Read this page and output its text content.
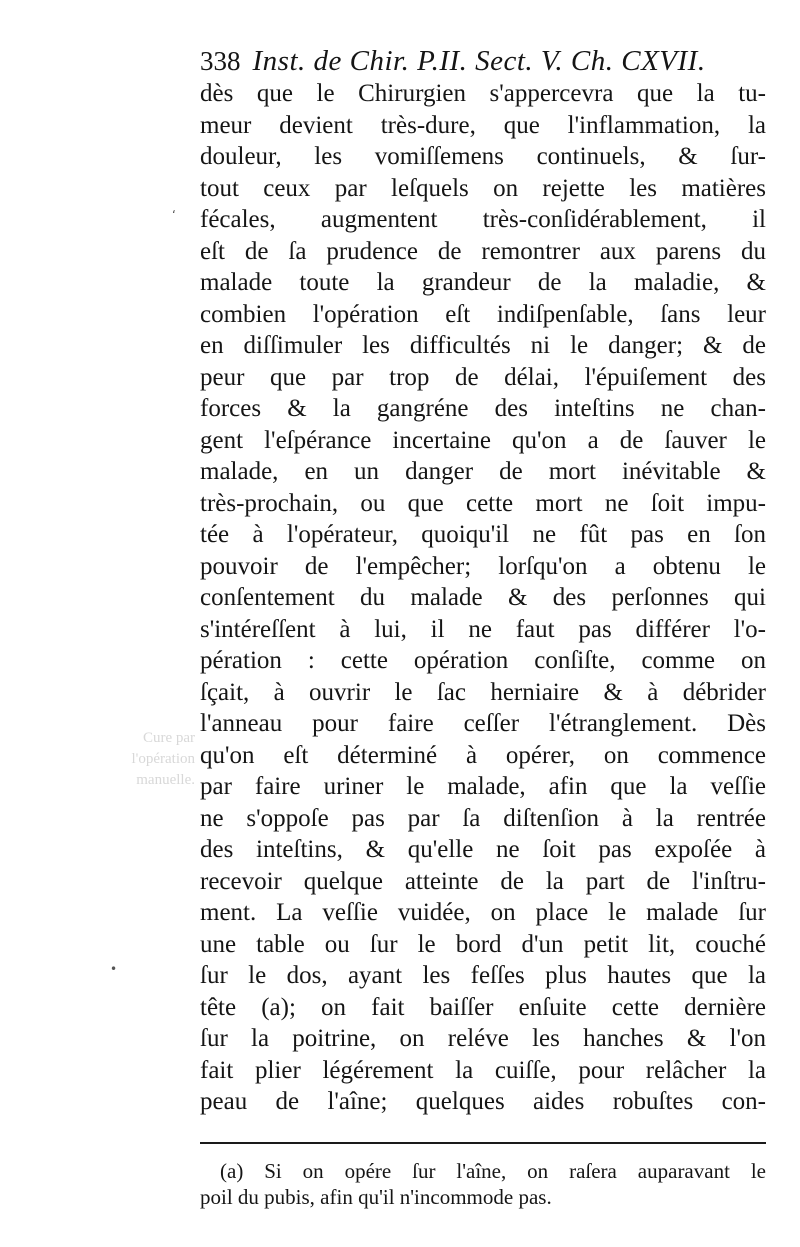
Cure par
l'opération
manuelle.
‘
•
338 Inst. de Chir. P.II. Sect. V. Ch. CXVII.
dès que le Chirurgien s'appercevra que la tu-
meur devient très-dure, que l'inflammation, la
douleur, les vomiſſemens continuels, & ſur-
tout ceux par leſquels on rejette les matières
fécales, augmentent très-conſidérablement, il
eſt de ſa prudence de remontrer aux parens du
malade toute la grandeur de la maladie, &
combien l'opération eſt indiſpenſable, ſans leur
en diſſimuler les difficultés ni le danger; & de
peur que par trop de délai, l'épuiſement des
forces & la gangréne des inteſtins ne chan-
gent l'eſpérance incertaine qu'on a de ſauver le
malade, en un danger de mort inévitable &
très-prochain, ou que cette mort ne ſoit impu-
tée à l'opérateur, quoiqu'il ne fût pas en ſon
pouvoir de l'empêcher; lorſqu'on a obtenu le
conſentement du malade & des perſonnes qui
s'intéreſſent à lui, il ne faut pas différer l'o-
pération : cette opération conſiſte, comme on
ſçait, à ouvrir le ſac herniaire & à débrider
l'anneau pour faire ceſſer l'étranglement. Dès
qu'on eſt déterminé à opérer, on commence
par faire uriner le malade, afin que la veſſie
ne s'oppoſe pas par ſa diſtenſion à la rentrée
des inteſtins, & qu'elle ne ſoit pas expoſée à
recevoir quelque atteinte de la part de l'inſtru-
ment. La veſſie vuidée, on place le malade ſur
une table ou ſur le bord d'un petit lit, couché
ſur le dos, ayant les feſſes plus hautes que la
tête (a); on fait baiſſer enſuite cette dernière
ſur la poitrine, on reléve les hanches & l'on
fait plier légérement la cuiſſe, pour relâcher la
peau de l'aîne; quelques aides robuſtes con-
(a) Si on opére ſur l'aîne, on raſera auparavant le
poil du pubis, afin qu'il n'incommode pas.
